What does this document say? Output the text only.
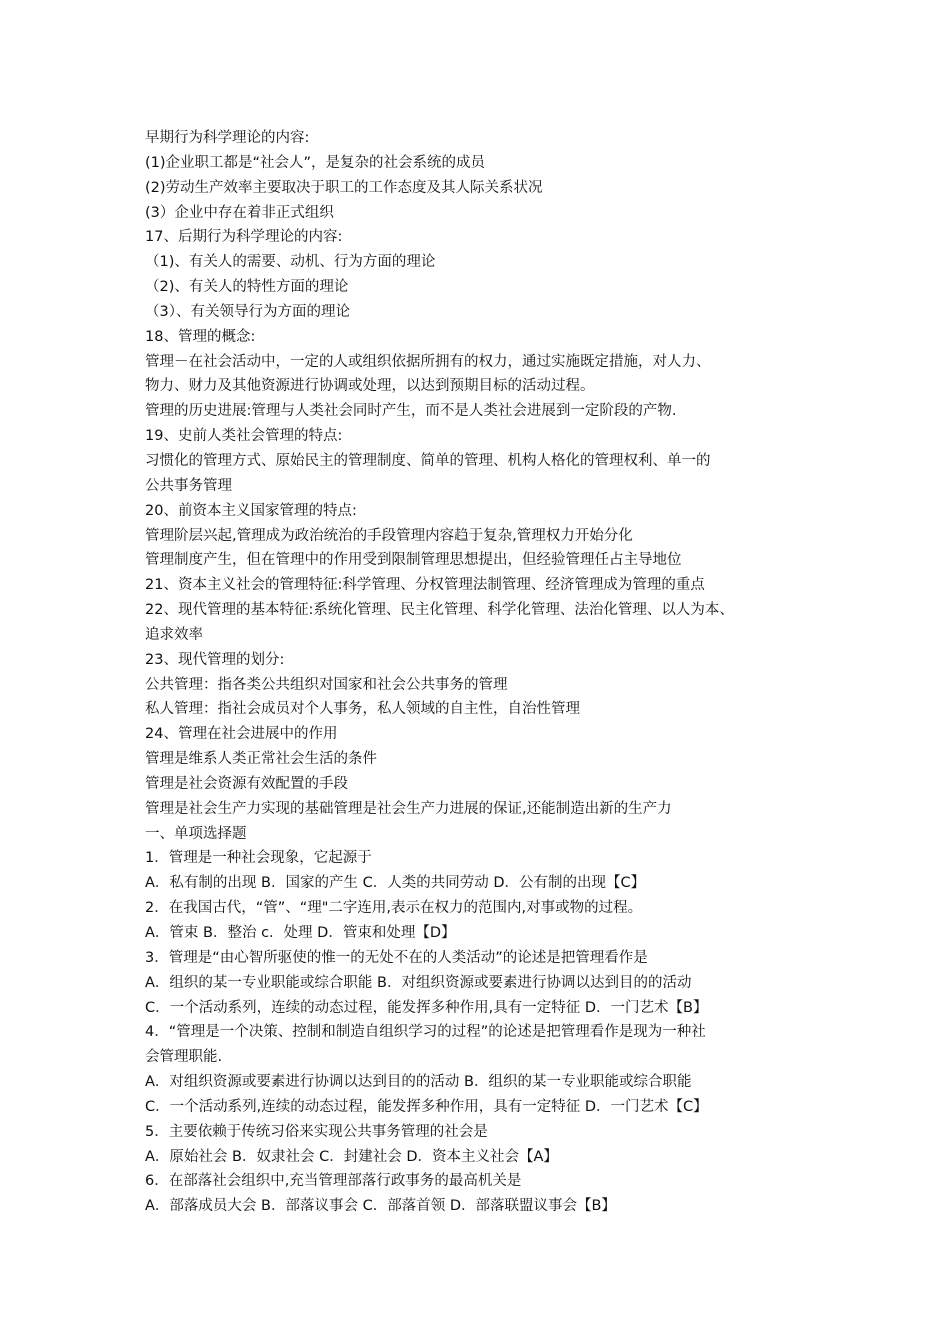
早期行为科学理论的内容:
(1)企业职工都是“社会人”，是复杂的社会系统的成员
(2)劳动生产效率主要取决于职工的工作态度及其人际关系状况
(3）企业中存在着非正式组织
17、后期行为科学理论的内容:
（1)、有关人的需要、动机、行为方面的理论
（2)、有关人的特性方面的理论
（3）、有关领导行为方面的理论
18、管理的概念:
管理－在社会活动中，一定的人或组织依据所拥有的权力，通过实施既定措施，对人力、
物力、财力及其他资源进行协调或处理，以达到预期目标的活动过程。
管理的历史进展:管理与人类社会同时产生，而不是人类社会进展到一定阶段的产物.
19、史前人类社会管理的特点:
习惯化的管理方式、原始民主的管理制度、简单的管理、机构人格化的管理权利、单一的
公共事务管理
20、前资本主义国家管理的特点:
管理阶层兴起,管理成为政治统治的手段管理内容趋于复杂,管理权力开始分化
管理制度产生，但在管理中的作用受到限制管理思想提出，但经验管理任占主导地位
21、资本主义社会的管理特征:科学管理、分权管理法制管理、经济管理成为管理的重点
22、现代管理的基本特征:系统化管理、民主化管理、科学化管理、法治化管理、以人为本、
追求效率
23、现代管理的划分:
公共管理：指各类公共组织对国家和社会公共事务的管理
私人管理：指社会成员对个人事务，私人领域的自主性，自治性管理
24、管理在社会进展中的作用
管理是维系人类正常社会生活的条件
管理是社会资源有效配置的手段
管理是社会生产力实现的基础管理是社会生产力进展的保证,还能制造出新的生产力
一、单项选择题
1．管理是一种社会现象，它起源于
A．私有制的出现 B．国家的产生 C．人类的共同劳动 D．公有制的出现【C】
2．在我国古代，“管”、“理"二字连用,表示在权力的范围内,对事或物的过程。
A．管束 B．整治 c．处理 D．管束和处理【D】
3．管理是“由心智所驱使的惟一的无处不在的人类活动”的论述是把管理看作是
A．组织的某一专业职能或综合职能 B．对组织资源或要素进行协调以达到目的的活动
C．一个活动系列，连续的动态过程，能发挥多种作用,具有一定特征 D．一门艺术【B】
4．“管理是一个决策、控制和制造自组织学习的过程”的论述是把管理看作是现为一种社
会管理职能.
A．对组织资源或要素进行协调以达到目的的活动 B．组织的某一专业职能或综合职能
C．一个活动系列,连续的动态过程，能发挥多种作用，具有一定特征 D．一门艺术【C】
5．主要依赖于传统习俗来实现公共事务管理的社会是
A．原始社会 B．奴隶社会 C．封建社会 D．资本主义社会【A】
6．在部落社会组织中,充当管理部落行政事务的最高机关是
A．部落成员大会 B．部落议事会 C．部落首领 D．部落联盟议事会【B】
